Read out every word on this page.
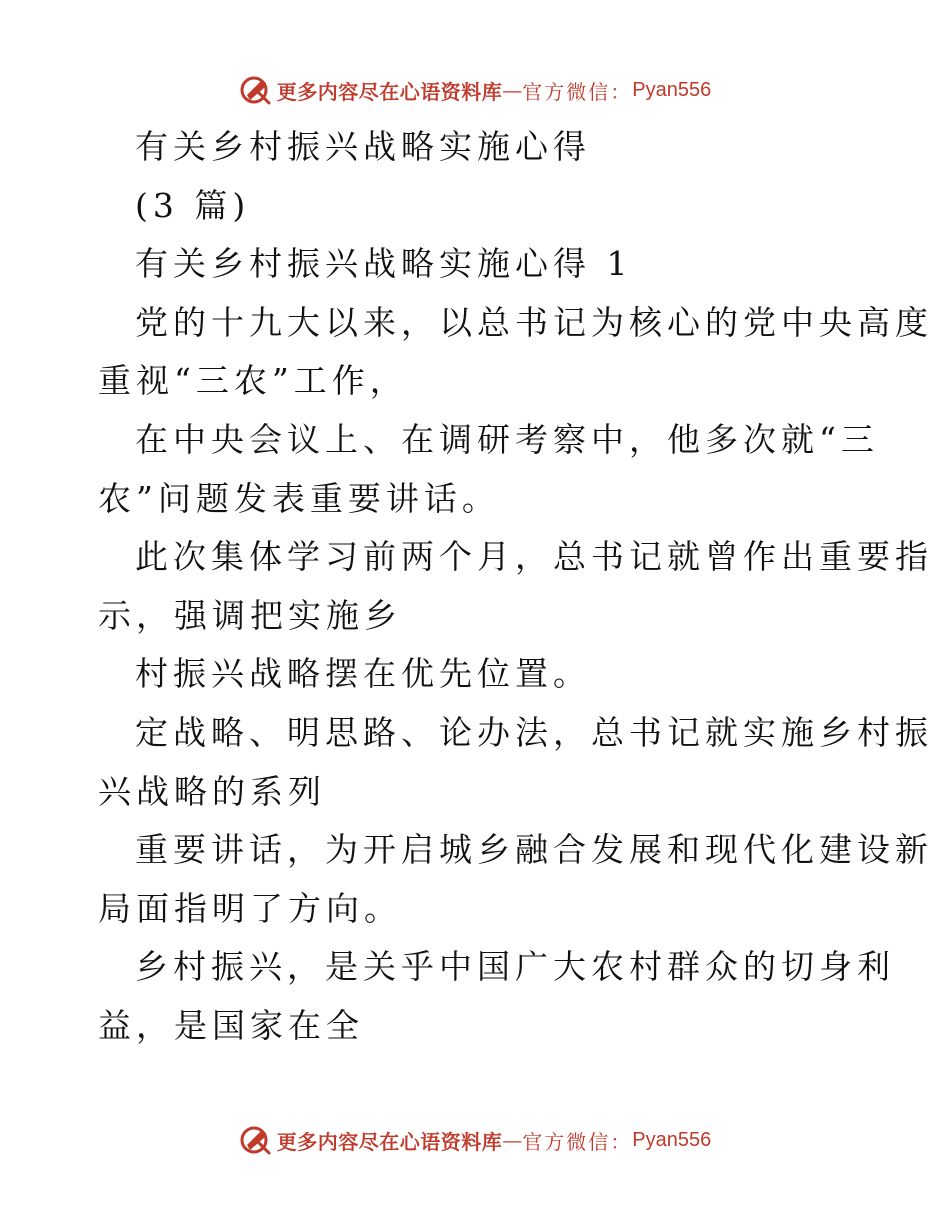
更多内容尽在心语资料库 — 官方微信： Pyan556
有关乡村振兴战略实施心得
(3 篇)
有关乡村振兴战略实施心得 1
党的十九大以来，以总书记为核心的党中央高度
重视“三农”工作，
在中央会议上、在调研考察中，他多次就“三
农”问题发表重要讲话。
此次集体学习前两个月，总书记就曾作出重要指
示，强调把实施乡
村振兴战略摆在优先位置。
定战略、明思路、论办法，总书记就实施乡村振
兴战略的系列
重要讲话，为开启城乡融合发展和现代化建设新
局面指明了方向。
乡村振兴，是关乎中国广大农村群众的切身利
益，是国家在全
更多内容尽在心语资料库 — 官方微信： Pyan556
